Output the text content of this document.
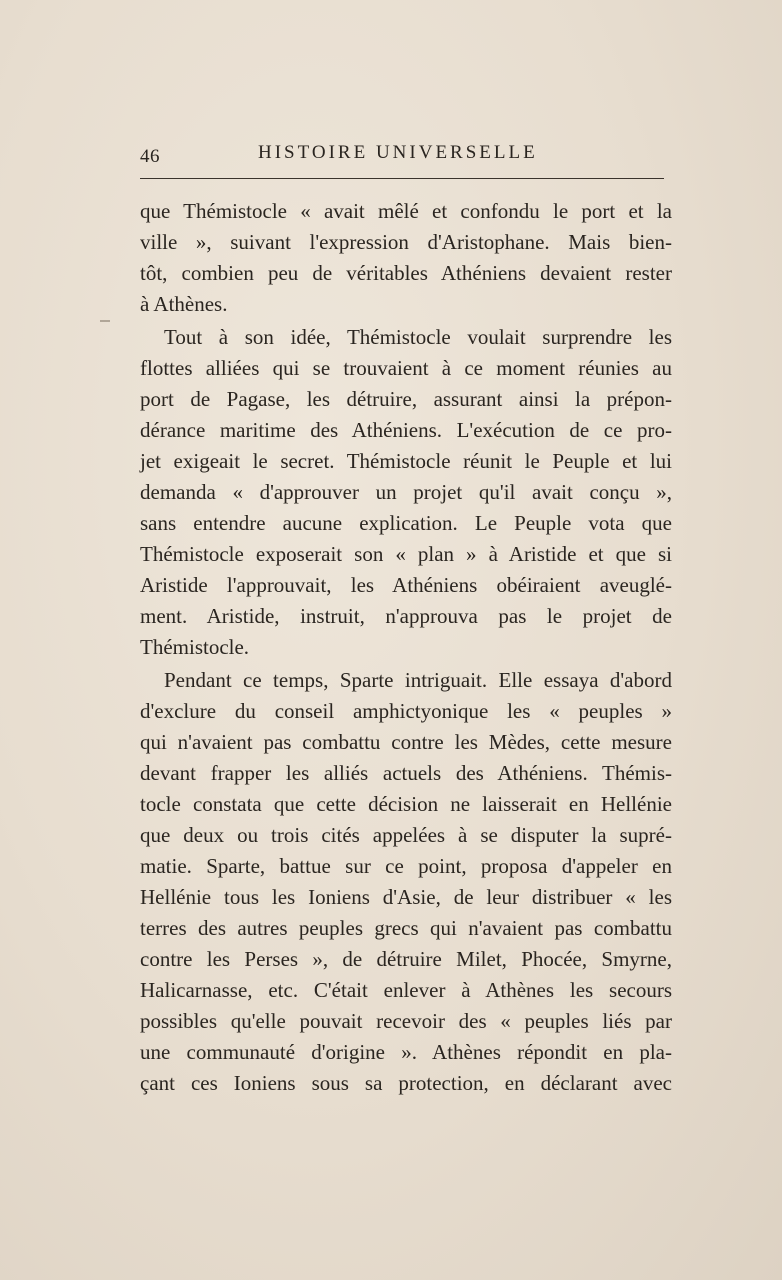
46	HISTOIRE UNIVERSELLE
que Thémistocle « avait mêlé et confondu le port et la
ville », suivant l'expression d'Aristophane. Mais bien-
tôt, combien peu de véritables Athéniens devaient rester
à Athènes.
Tout à son idée, Thémistocle voulait surprendre les
flottes alliées qui se trouvaient à ce moment réunies au
port de Pagase, les détruire, assurant ainsi la prépon-
dérance maritime des Athéniens. L'exécution de ce pro-
jet exigeait le secret. Thémistocle réunit le Peuple et lui
demanda « d'approuver un projet qu'il avait conçu »,
sans entendre aucune explication. Le Peuple vota que
Thémistocle exposerait son « plan » à Aristide et que si
Aristide l'approuvait, les Athéniens obéiraient aveuglé-
ment. Aristide, instruit, n'approuva pas le projet de
Thémistocle.
Pendant ce temps, Sparte intriguait. Elle essaya d'abord
d'exclure du conseil amphictyonique les « peuples »
qui n'avaient pas combattu contre les Mèdes, cette mesure
devant frapper les alliés actuels des Athéniens. Thémis-
tocle constata que cette décision ne laisserait en Hellénie
que deux ou trois cités appelées à se disputer la supré-
matie. Sparte, battue sur ce point, proposa d'appeler en
Hellénie tous les Ioniens d'Asie, de leur distribuer « les
terres des autres peuples grecs qui n'avaient pas combattu
contre les Perses », de détruire Milet, Phocée, Smyrne,
Halicarnasse, etc. C'était enlever à Athènes les secours
possibles qu'elle pouvait recevoir des « peuples liés par
une communauté d'origine ». Athènes répondit en pla-
çant ces Ioniens sous sa protection, en déclarant avec
